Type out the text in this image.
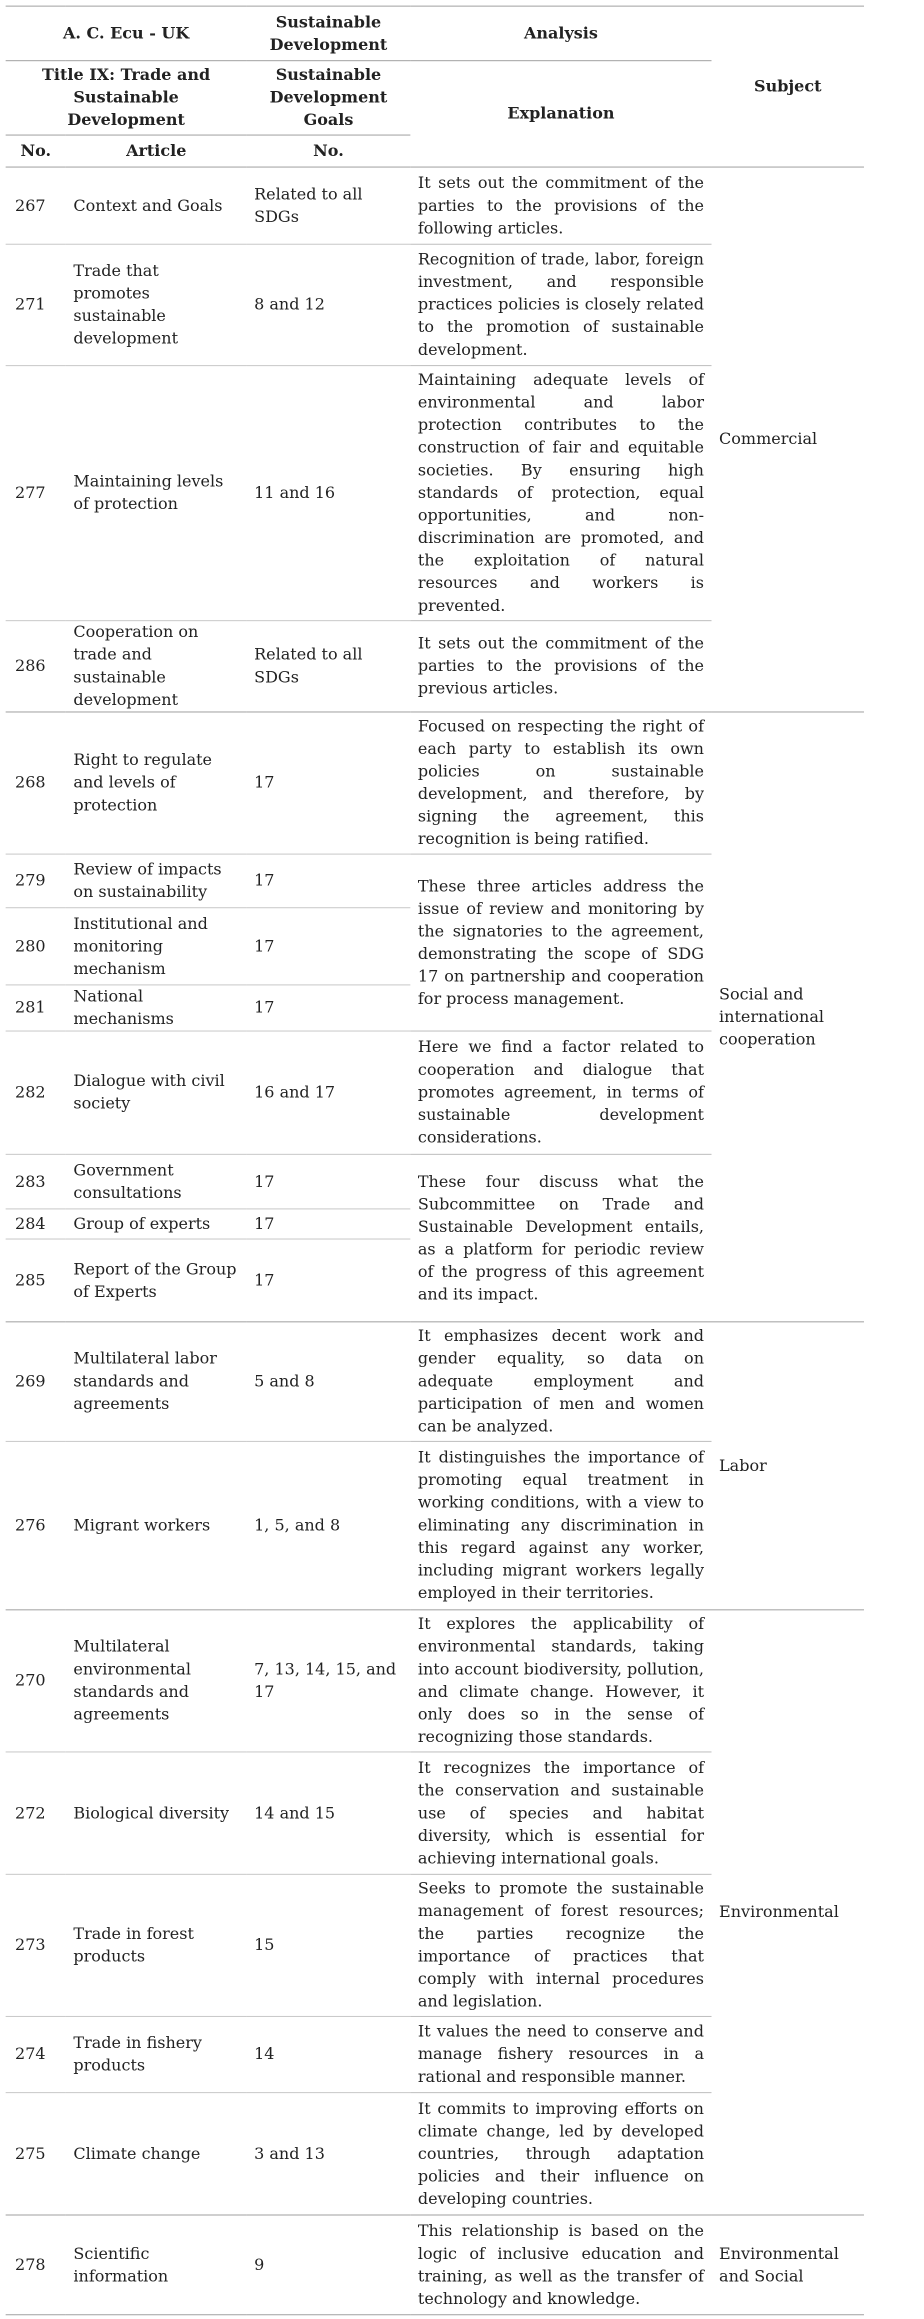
A. C. Ecu - UK		Sustainable Development	Analysis	Subject
Title IX: Trade and Sustainable Development		Sustainable Development Goals	Explanation	
No.	Article	No.		
267	Context and Goals	Related to all SDGs	It sets out the commitment of the parties to the provisions of the following articles.	Commercial
271	Trade that promotes sustainable development	8 and 12	Recognition of trade, labor, foreign investment, and responsible practices policies is closely related to the promotion of sustainable development.	
277	Maintaining levels of protection	11 and 16	Maintaining adequate levels of environmental and labor protection contributes to the construction of fair and equitable societies. By ensuring high standards of protection, equal opportunities, and non-discrimination are promoted, and the exploitation of natural resources and workers is prevented.	
286	Cooperation on trade and sustainable development	Related to all SDGs	It sets out the commitment of the parties to the provisions of the previous articles.	
268	Right to regulate and levels of protection	17	Focused on respecting the right of each party to establish its own policies on sustainable development, and therefore, by signing the agreement, this recognition is being ratified.	Social and international cooperation
279	Review of impacts on sustainability	17	These three articles address the issue of review and monitoring by the signatories to the agreement, demonstrating the scope of SDG 17 on partnership and cooperation for process management.	
280	Institutional and monitoring mechanism	17		
281	National mechanisms	17		
282	Dialogue with civil society	16 and 17	Here we find a factor related to cooperation and dialogue that promotes agreement, in terms of sustainable development considerations.	
283	Government consultations	17	These four discuss what the Subcommittee on Trade and Sustainable Development entails, as a platform for periodic review of the progress of this agreement and its impact.	
284	Group of experts	17		
285	Report of the Group of Experts	17		
269	Multilateral labor standards and agreements	5 and 8	It emphasizes decent work and gender equality, so data on adequate employment and participation of men and women can be analyzed.	Labor
276	Migrant workers	1, 5, and 8	It distinguishes the importance of promoting equal treatment in working conditions, with a view to eliminating any discrimination in this regard against any worker, including migrant workers legally employed in their territories.	
270	Multilateral environmental standards and agreements	7, 13, 14, 15, and 17	It explores the applicability of environmental standards, taking into account biodiversity, pollution, and climate change. However, it only does so in the sense of recognizing those standards.	Environmental
272	Biological diversity	14 and 15	It recognizes the importance of the conservation and sustainable use of species and habitat diversity, which is essential for achieving international goals.	
273	Trade in forest products	15	Seeks to promote the sustainable management of forest resources; the parties recognize the importance of practices that comply with internal procedures and legislation.	
274	Trade in fishery products	14	It values the need to conserve and manage fishery resources in a rational and responsible manner.	
275	Climate change	3 and 13	It commits to improving efforts on climate change, led by developed countries, through adaptation policies and their influence on developing countries.	
278	Scientific information	9	This relationship is based on the logic of inclusive education and training, as well as the transfer of technology and knowledge.	Environmental and Social
